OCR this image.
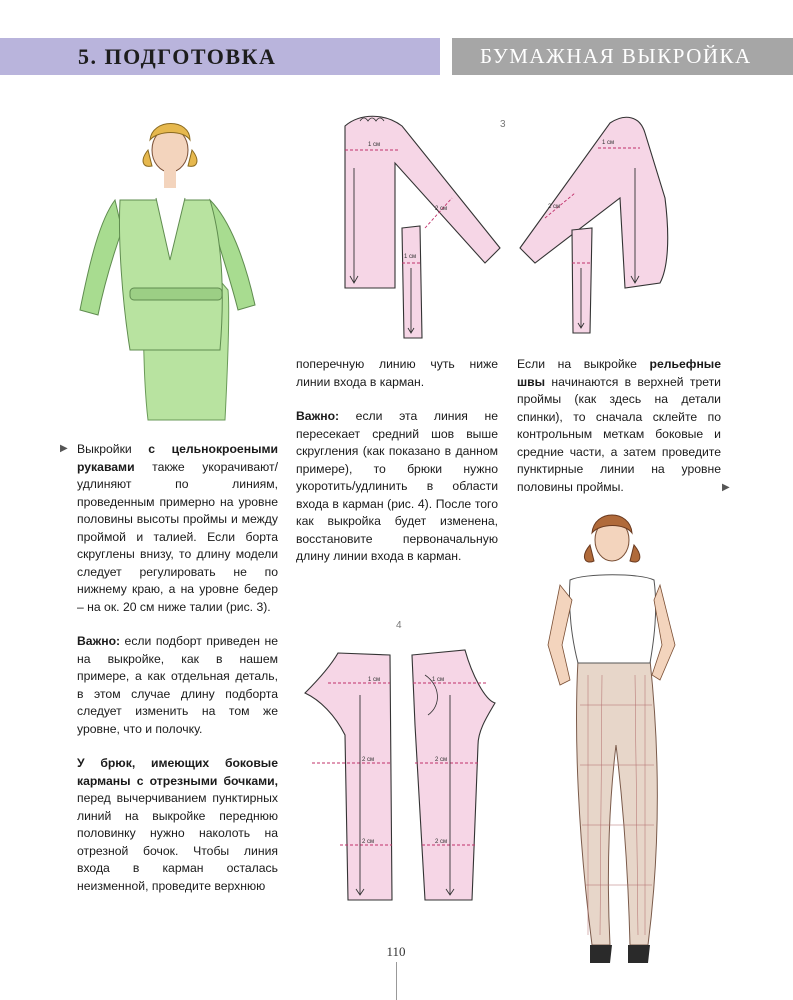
5. ПОДГОТОВКА	БУМАЖНАЯ ВЫКРОЙКА
3
1 см
2 см
1 см
1 см
2 см
4
1 см
2 см
2 см
1 см
2 см
2 см
▶ Выкройки с цельнокроеными рукавами также укорачивают/удлиняют по линиям, проведенным примерно на уровне половины высоты проймы и между проймой и талией. Если борта скруглены внизу, то длину модели следует регулировать не по нижнему краю, а на уровне бедер – на ок. 20 см ниже талии (рис. 3).

Важно: если подборт приведен не на выкройке, как в нашем примере, а как отдельная деталь, в этом случае длину подборта следует изменить на том же уровне, что и полочку.

У брюк, имеющих боковые карманы с отрезными бочками, перед вычерчиванием пунктирных линий на выкройке переднюю половинку нужно наколоть на отрезной бочок. Чтобы линия входа в карман осталась неизменной, проведите верхнюю

поперечную линию чуть ниже линии входа в карман.

Важно: если эта линия не пересекает средний шов выше скругления (как показано в данном примере), то брюки нужно укоротить/удлинить в области входа в карман (рис. 4). После того как выкройка будет изменена, восстановите первоначальную длину линии входа в карман.

Если на выкройке рельефные швы начинаются в верхней трети проймы (как здесь на детали спинки), то сначала склейте по контрольным меткам боковые и средние части, а затем проведите пунктирные линии на уровне половины проймы.	▶
110
